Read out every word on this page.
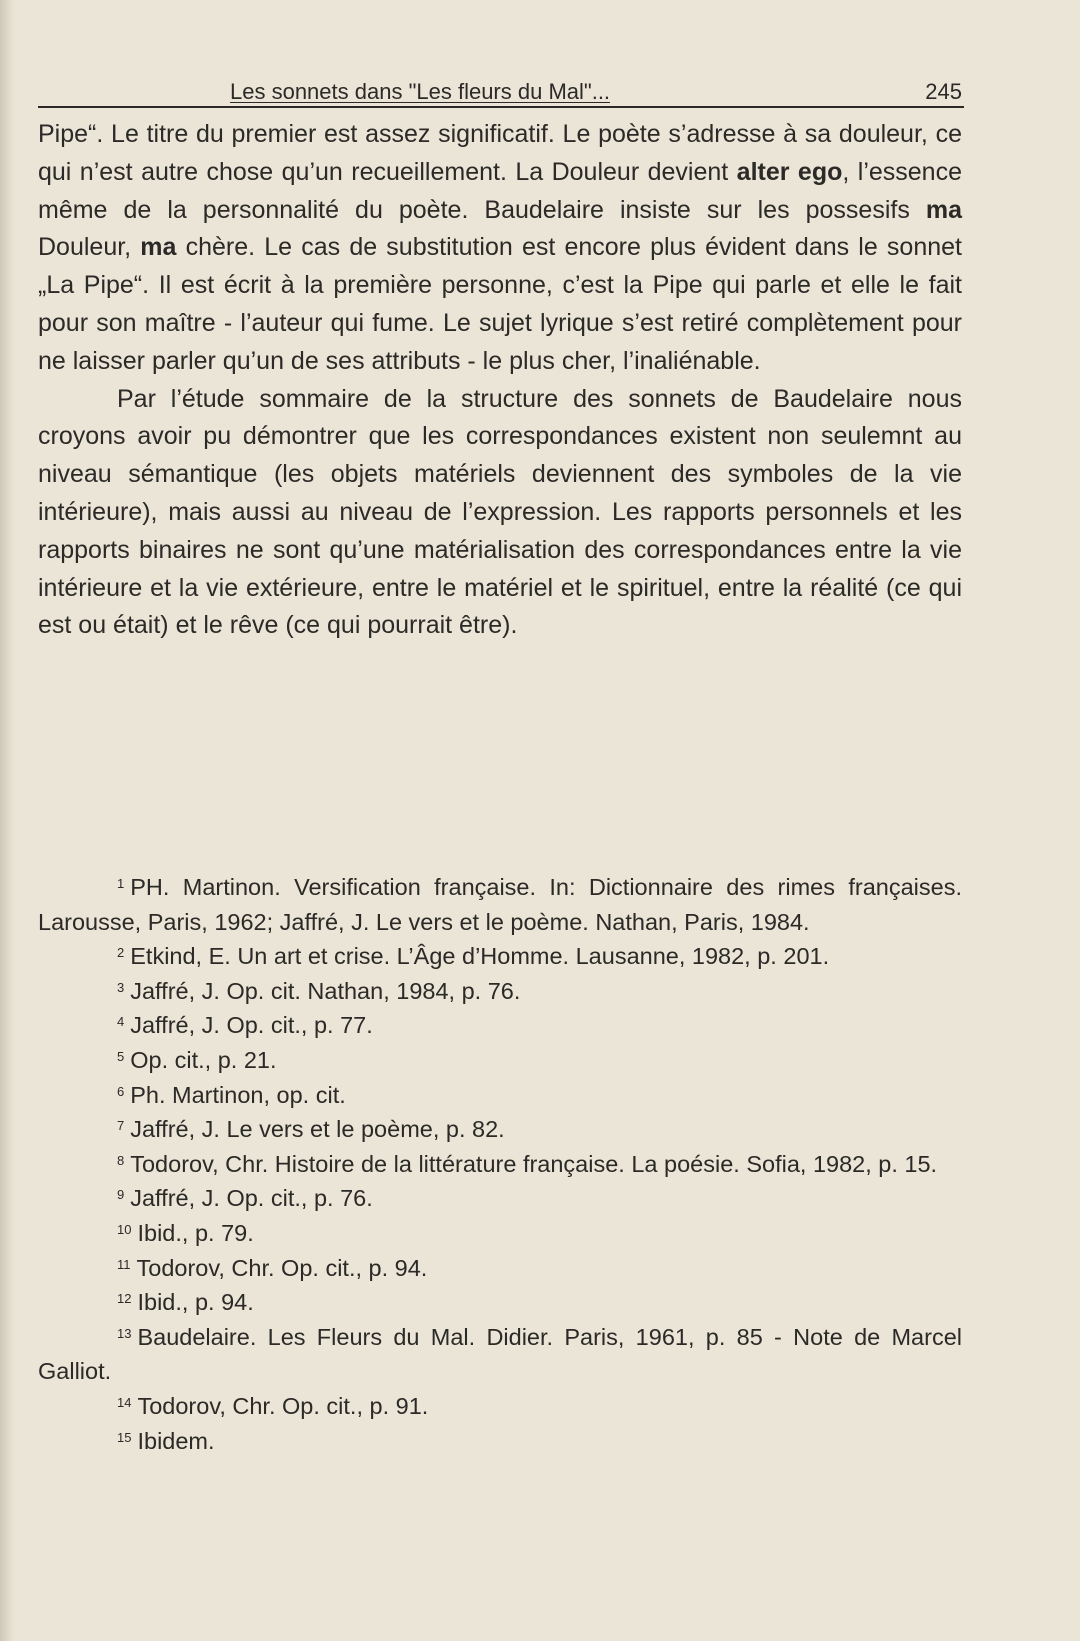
Les sonnets dans "Les fleurs du Mal"...	245

Pipe“. Le titre du premier est assez significatif. Le poète s’adresse à sa douleur, ce qui n’est autre chose qu’un recueillement. La Douleur devient alter ego, l’essence même de la personnalité du poète. Baudelaire insiste sur les possesifs ma Douleur, ma chère. Le cas de substitution est encore plus évident dans le sonnet „La Pipe“. Il est écrit à la première personne, c’est la Pipe qui parle et elle le fait pour son maître - l’auteur qui fume. Le sujet lyrique s’est retiré complètement pour ne laisser parler qu’un de ses attributs - le plus cher, l’inaliénable.

Par l’étude sommaire de la structure des sonnets de Baudelaire nous croyons avoir pu démontrer que les correspondances existent non seulemnt au niveau sémantique (les objets matériels deviennent des symboles de la vie intérieure), mais aussi au niveau de l’expression. Les rapports personnels et les rapports binaires ne sont qu’une matérialisation des correspondances entre la vie intérieure et la vie extérieure, entre le matériel et le spirituel, entre la réalité (ce qui est ou était) et le rêve (ce qui pourrait être).

$^1$ PH. Martinon. Versification française. In: Dictionnaire des rimes françaises. Larousse, Paris, 1962; Jaffré, J. Le vers et le poème. Nathan, Paris, 1984.

$^2$ Etkind, E. Un art et crise. L’Âge d’Homme. Lausanne, 1982, p. 201.

$^3$ Jaffré, J. Op. cit. Nathan, 1984, p. 76.

$^4$ Jaffré, J. Op. cit., p. 77.

$^5$ Op. cit., p. 21.

$^6$ Ph. Martinon, op. cit.

$^7$ Jaffré, J. Le vers et le poème, p. 82.

$^8$ Todorov, Chr. Histoire de la littérature française. La poésie. Sofia, 1982, p. 15.

$^9$ Jaffré, J. Op. cit., p. 76.

$^{10}$ Ibid., p. 79.

$^{11}$ Todorov, Chr. Op. cit., p. 94.

$^{12}$ Ibid., p. 94.

$^{13}$ Baudelaire. Les Fleurs du Mal. Didier. Paris, 1961, p. 85 - Note de Marcel Galliot.

$^{14}$ Todorov, Chr. Op. cit., p. 91.

$^{15}$ Ibidem.
